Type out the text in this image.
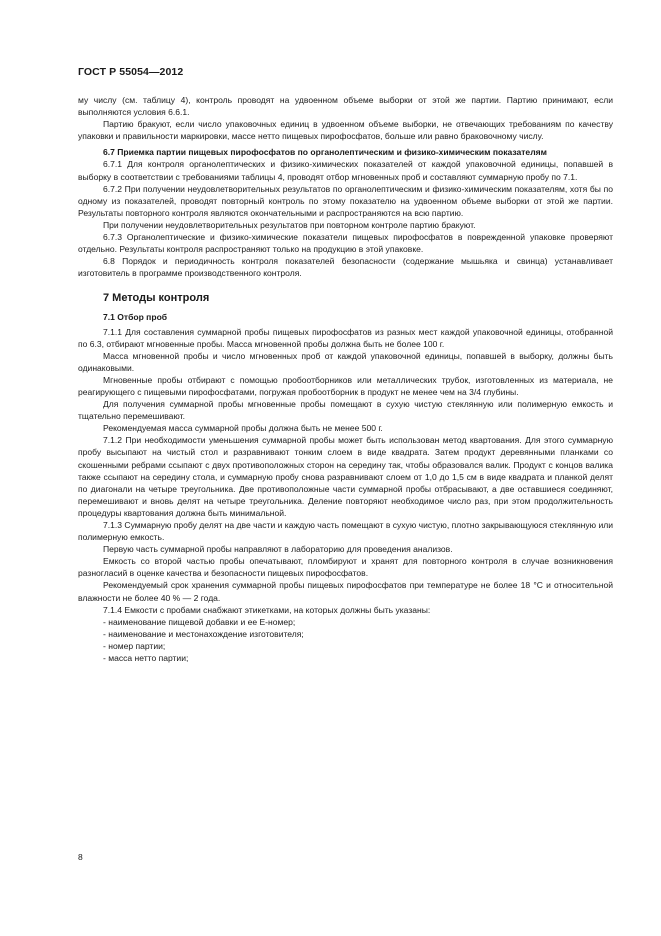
ГОСТ Р 55054—2012

му числу (см. таблицу 4), контроль проводят на удвоенном объеме выборки от этой же партии. Партию принимают, если выполняются условия 6.6.1.

Партию бракуют, если число упаковочных единиц в удвоенном объеме выборки, не отвечающих требованиям по качеству упаковки и правильности маркировки, массе нетто пищевых пирофосфатов, больше или равно браковочному числу.

6.7 Приемка партии пищевых пирофосфатов по органолептическим и физико-химическим показателям

6.7.1 Для контроля органолептических и физико-химических показателей от каждой упаковочной единицы, попавшей в выборку в соответствии с требованиями таблицы 4, проводят отбор мгновенных проб и составляют суммарную пробу по 7.1.

6.7.2 При получении неудовлетворительных результатов по органолептическим и физико-химическим показателям, хотя бы по одному из показателей, проводят повторный контроль по этому показателю на удвоенном объеме выборки от этой же партии. Результаты повторного контроля являются окончательными и распространяются на всю партию.

При получении неудовлетворительных результатов при повторном контроле партию бракуют.

6.7.3 Органолептические и физико-химические показатели пищевых пирофосфатов в поврежденной упаковке проверяют отдельно. Результаты контроля распространяют только на продукцию в этой упаковке.

6.8 Порядок и периодичность контроля показателей безопасности (содержание мышьяка и свинца) устанавливает изготовитель в программе производственного контроля.

7 Методы контроля

7.1 Отбор проб

7.1.1 Для составления суммарной пробы пищевых пирофосфатов из разных мест каждой упаковочной единицы, отобранной по 6.3, отбирают мгновенные пробы. Масса мгновенной пробы должна быть не более 100 г.

Масса мгновенной пробы и число мгновенных проб от каждой упаковочной единицы, попавшей в выборку, должны быть одинаковыми.

Мгновенные пробы отбирают с помощью пробоотборников или металлических трубок, изготовленных из материала, не реагирующего с пищевыми пирофосфатами, погружая пробоотборник в продукт не менее чем на 3/4 глубины.

Для получения суммарной пробы мгновенные пробы помещают в сухую чистую стеклянную или полимерную емкость и тщательно перемешивают.

Рекомендуемая масса суммарной пробы должна быть не менее 500 г.

7.1.2 При необходимости уменьшения суммарной пробы может быть использован метод квартования. Для этого суммарную пробу высыпают на чистый стол и разравнивают тонким слоем в виде квадрата. Затем продукт деревянными планками со скошенными ребрами ссыпают с двух противоположных сторон на середину так, чтобы образовался валик. Продукт с концов валика также ссыпают на середину стола, и суммарную пробу снова разравнивают слоем от 1,0 до 1,5 см в виде квадрата и планкой делят по диагонали на четыре треугольника. Две противоположные части суммарной пробы отбрасывают, а две оставшиеся соединяют, перемешивают и вновь делят на четыре треугольника. Деление повторяют необходимое число раз, при этом продолжительность процедуры квартования должна быть минимальной.

7.1.3 Суммарную пробу делят на две части и каждую часть помещают в сухую чистую, плотно закрывающуюся стеклянную или полимерную емкость.

Первую часть суммарной пробы направляют в лабораторию для проведения анализов.

Емкость со второй частью пробы опечатывают, пломбируют и хранят для повторного контроля в случае возникновения разногласий в оценке качества и безопасности пищевых пирофосфатов.

Рекомендуемый срок хранения суммарной пробы пищевых пирофосфатов при температуре не более 18 °С и относительной влажности не более 40 % — 2 года.

7.1.4 Емкости с пробами снабжают этикетками, на которых должны быть указаны:

- наименование пищевой добавки и ее Е-номер;

- наименование и местонахождение изготовителя;

- номер партии;

- масса нетто партии;

8
